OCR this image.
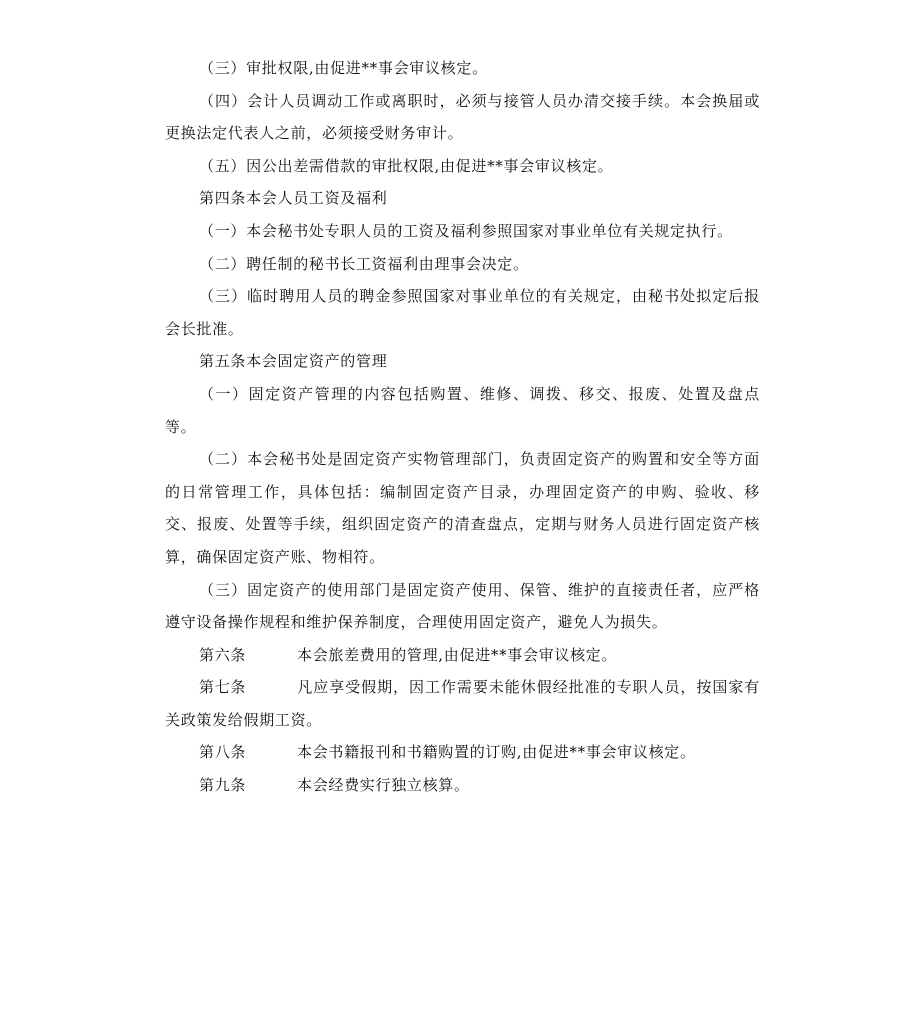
（三）审批权限,由促进**事会审议核定。

（四）会计人员调动工作或离职时，必须与接管人员办清交接手续。本会换届或更换法定代表人之前，必须接受财务审计。

（五）因公出差需借款的审批权限,由促进**事会审议核定。

第四条本会人员工资及福利

（一）本会秘书处专职人员的工资及福利参照国家对事业单位有关规定执行。

（二）聘任制的秘书长工资福利由理事会决定。

（三）临时聘用人员的聘金参照国家对事业单位的有关规定，由秘书处拟定后报会长批准。

第五条本会固定资产的管理

（一）固定资产管理的内容包括购置、维修、调拨、移交、报废、处置及盘点等。

（二）本会秘书处是固定资产实物管理部门，负责固定资产的购置和安全等方面的日常管理工作，具体包括：编制固定资产目录，办理固定资产的申购、验收、移交、报废、处置等手续，组织固定资产的清查盘点，定期与财务人员进行固定资产核算，确保固定资产账、物相符。

（三）固定资产的使用部门是固定资产使用、保管、维护的直接责任者，应严格遵守设备操作规程和维护保养制度，合理使用固定资产，避免人为损失。

第六条	本会旅差费用的管理,由促进**事会审议核定。

第七条	凡应享受假期，因工作需要未能休假经批准的专职人员，按国家有关政策发给假期工资。

第八条	本会书籍报刊和书籍购置的订购,由促进**事会审议核定。

第九条	本会经费实行独立核算。
